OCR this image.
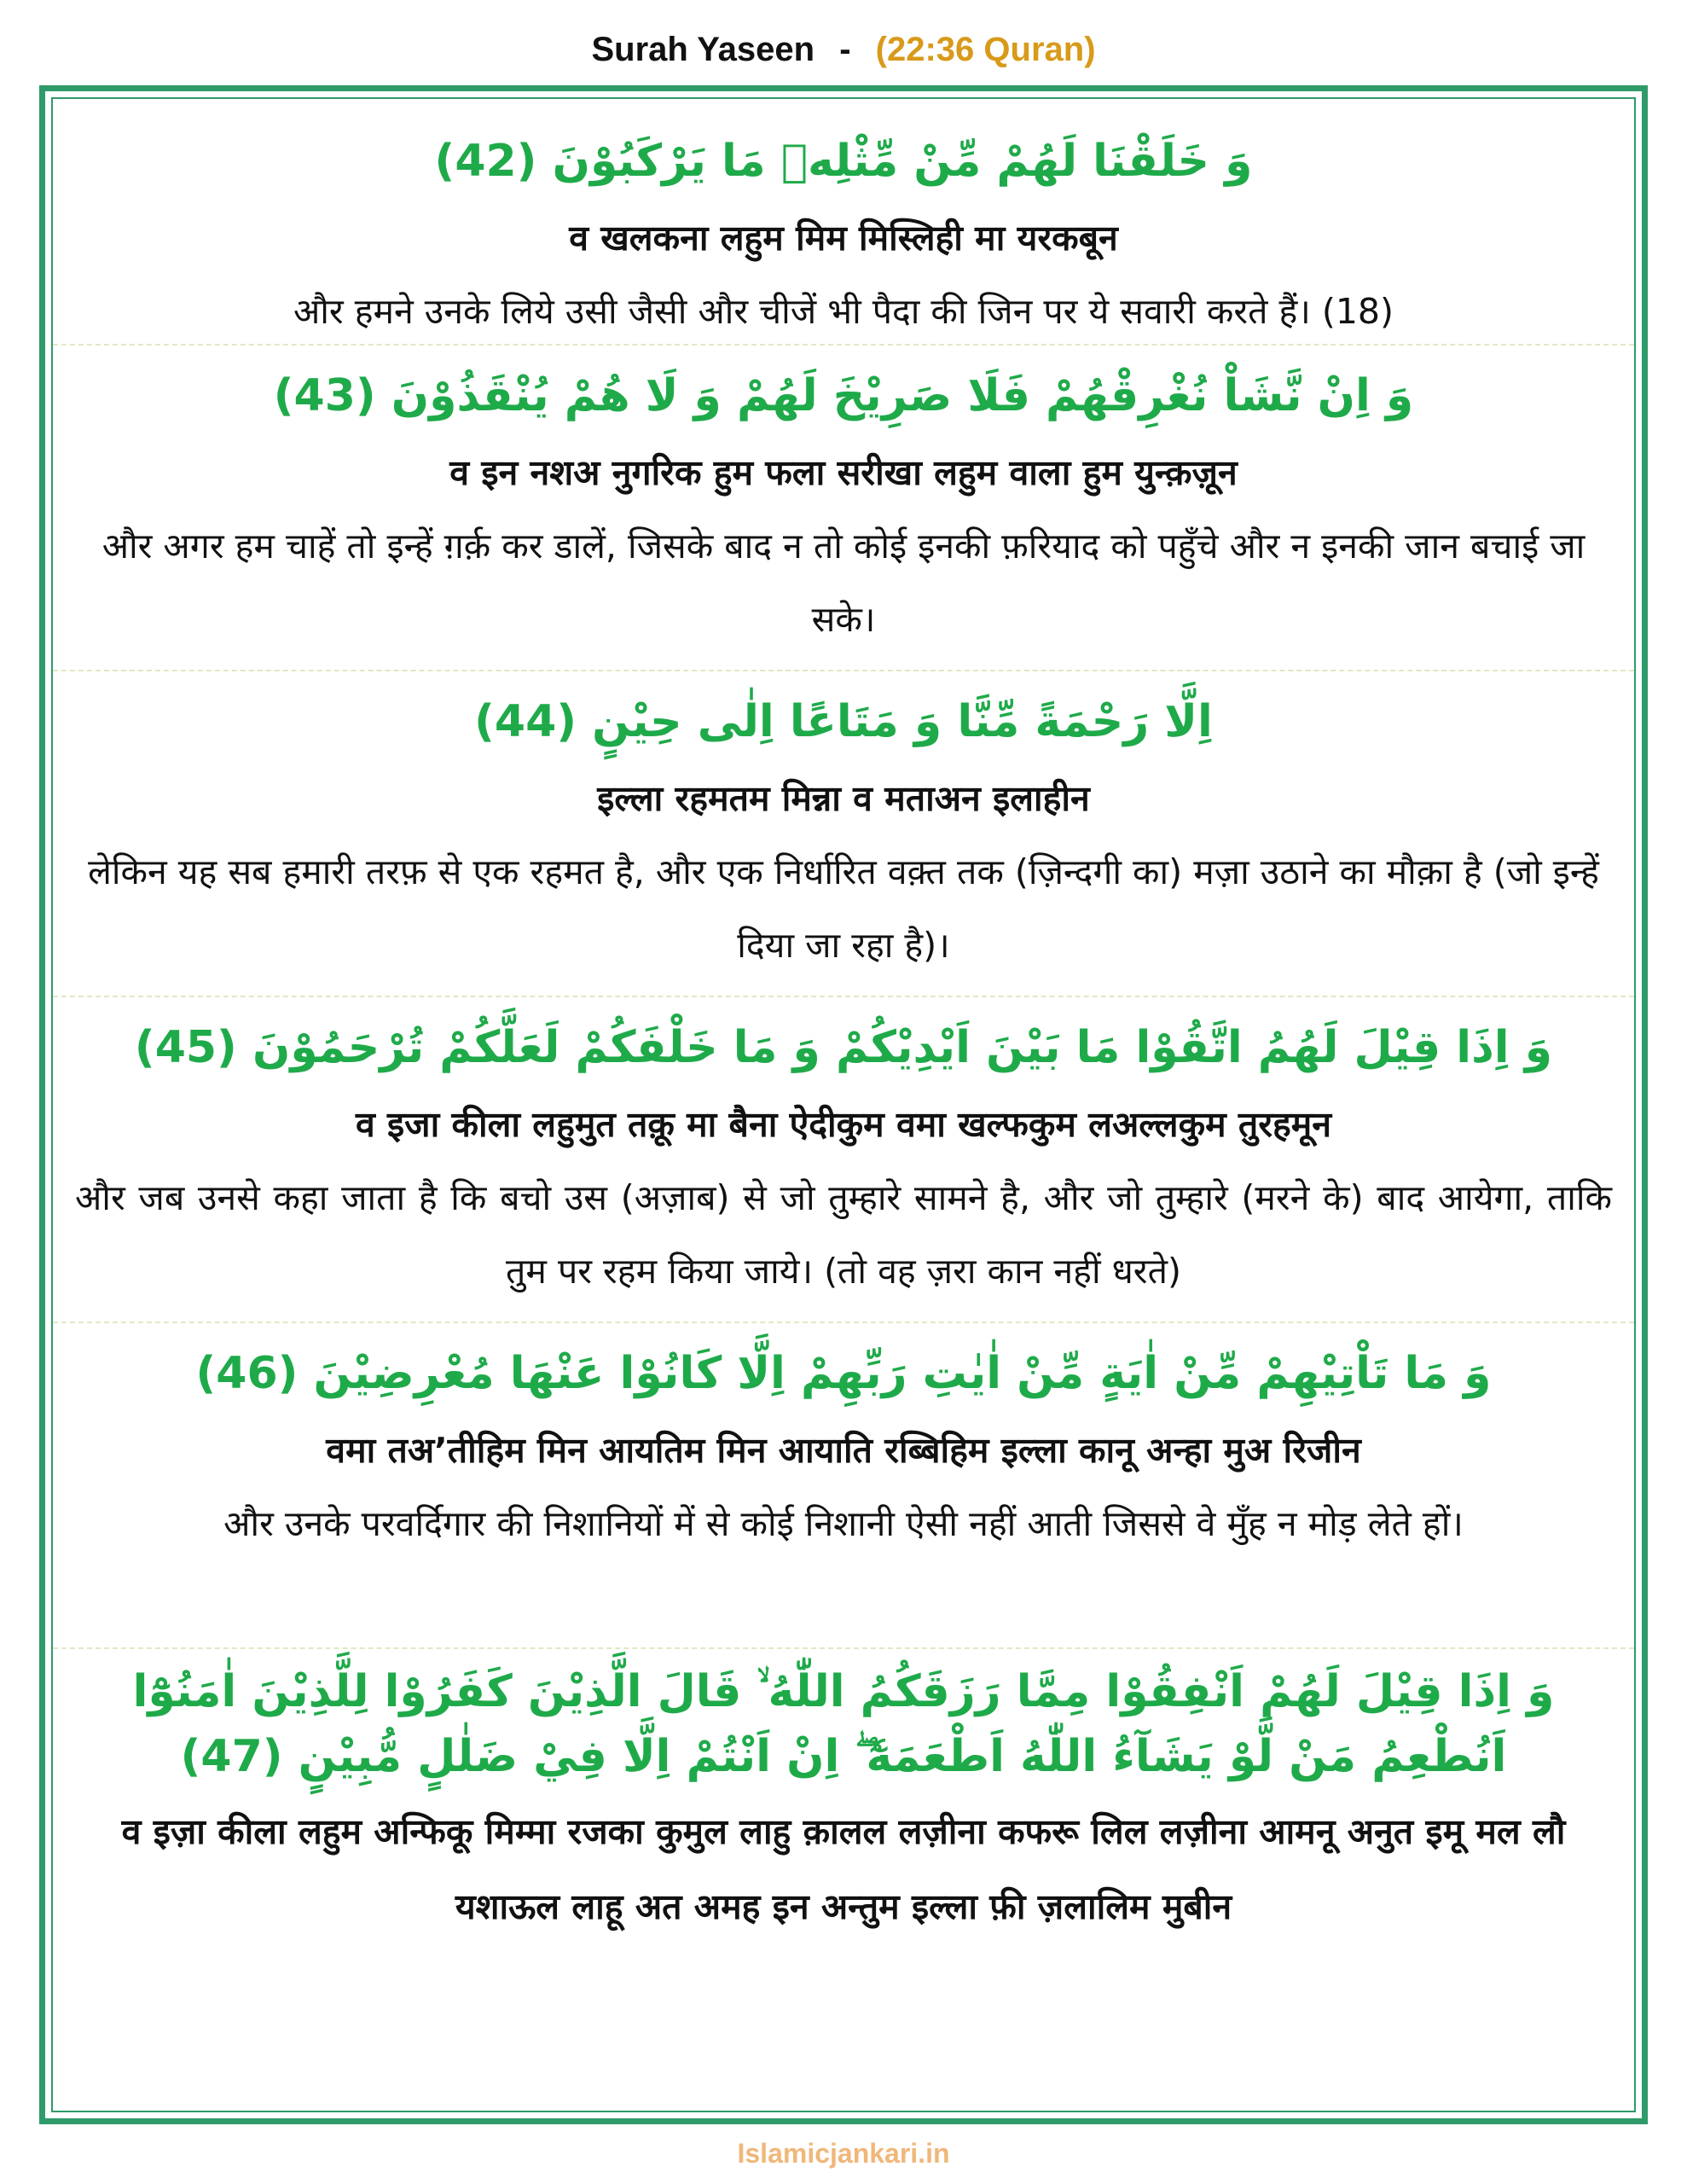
Surah Yaseen - (22:36 Quran)
وَ خَلَقْنَا لَهُمْ مِّنْ مِّثْلِهٖ مَا يَرْكَبُوْنَ (42)
व खलकना लहुम मिम मिस्लिही मा यरकबून
और हमने उनके लिये उसी जैसी और चीजें भी पैदा की जिन पर ये सवारी करते हैं। (18)
وَ اِنْ نَّشَاْ نُغْرِقْهُمْ فَلَا صَرِيْخَ لَهُمْ وَ لَا هُمْ يُنْقَذُوْنَ (43)
व इन नशअ नुगरिक हुम फला सरीखा लहुम वाला हुम युन्क़ज़ून
और अगर हम चाहें तो इन्हें ग़र्क़ कर डालें, जिसके बाद न तो कोई इनकी फ़रियाद को पहुँचे और न इनकी जान बचाई जा सके।
اِلَّا رَحْمَةً مِّنَّا وَ مَتَاعًا اِلٰى حِيْنٍ (44)
इल्ला रहमतम मिन्ना व मताअन इलाहीन
लेकिन यह सब हमारी तरफ़ से एक रहमत है, और एक निर्धारित वक़्त तक (ज़िन्दगी का) मज़ा उठाने का मौक़ा है (जो इन्हें दिया जा रहा है)।
وَ اِذَا قِيْلَ لَهُمُ اتَّقُوْا مَا بَيْنَ اَيْدِيْكُمْ وَ مَا خَلْفَكُمْ لَعَلَّكُمْ تُرْحَمُوْنَ (45)
व इजा कीला लहुमुत तक़ू मा बैना ऐदीकुम वमा खल्फकुम लअल्लकुम तुरहमून
और जब उनसे कहा जाता है कि बचो उस (अज़ाब) से जो तुम्हारे सामने है, और जो तुम्हारे (मरने के) बाद आयेगा, ताकि तुम पर रहम किया जाये। (तो वह ज़रा कान नहीं धरते)
وَ مَا تَاْتِيْهِمْ مِّنْ اٰيَةٍ مِّنْ اٰيٰتِ رَبِّهِمْ اِلَّا كَانُوْا عَنْهَا مُعْرِضِيْنَ (46)
वमा तअ’तीहिम मिन आयतिम मिन आयाति रब्बिहिम इल्ला कानू अन्हा मुअ रिजीन
और उनके परवर्दिगार की निशानियों में से कोई निशानी ऐसी नहीं आती जिससे वे मुँह न मोड़ लेते हों।
وَ اِذَا قِيْلَ لَهُمْ اَنْفِقُوْا مِمَّا رَزَقَكُمُ اللّٰهُ ۙ قَالَ الَّذِيْنَ كَفَرُوْا لِلَّذِيْنَ اٰمَنُوْٓا اَنُطْعِمُ مَنْ لَّوْ يَشَآءُ اللّٰهُ اَطْعَمَهٗٓ ۖ اِنْ اَنْتُمْ اِلَّا فِيْ ضَلٰلٍ مُّبِيْنٍ (47)
व इज़ा कीला लहुम अन्फिकू मिम्मा रजका कुमुल लाहु क़ालल लज़ीना कफरू लिल लज़ीना आमनू अनुत इमू मल लौ यशाऊल लाहू अत अमह इन अन्तुम इल्ला फ़ी ज़लालिम मुबीन
Islamicjankari.in
